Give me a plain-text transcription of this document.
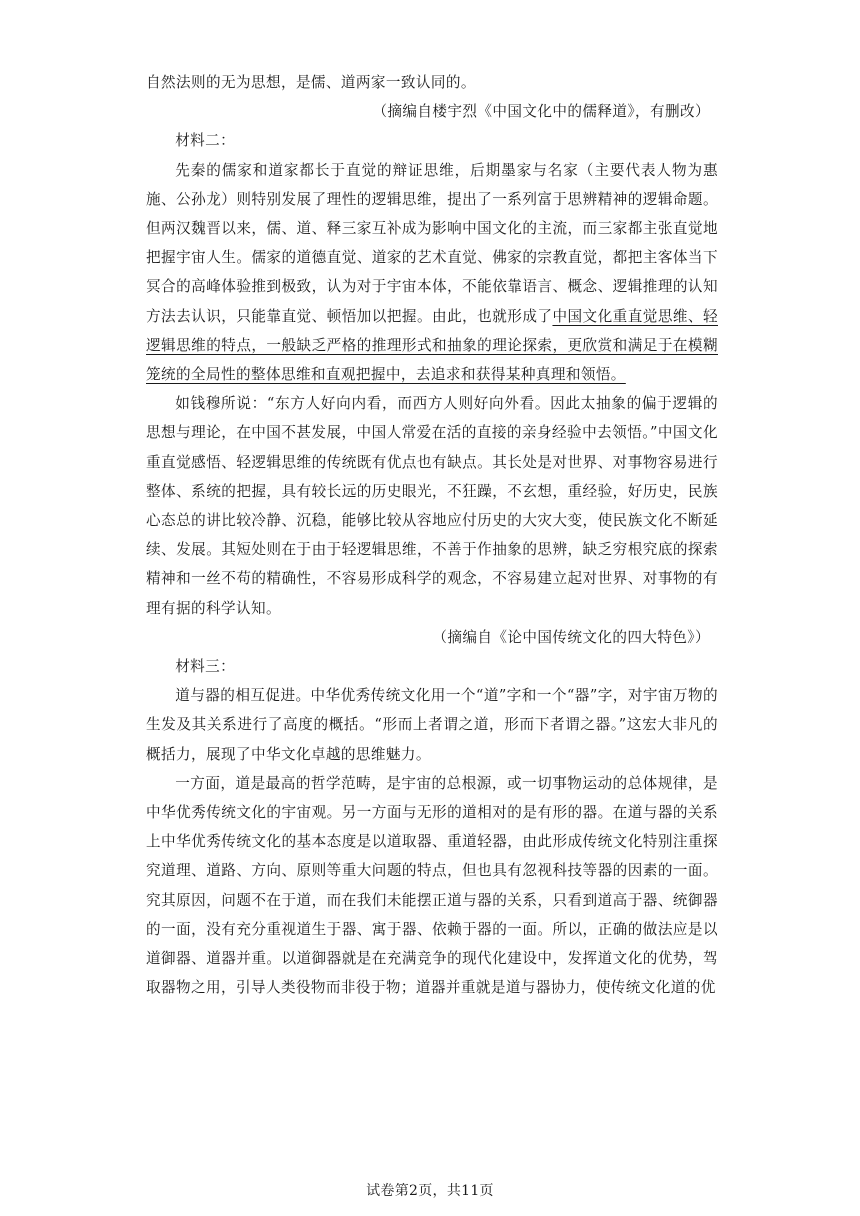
自然法则的无为思想，是儒、道两家一致认同的。

（摘编自楼宇烈《中国文化中的儒释道》，有删改）

材料二：

先秦的儒家和道家都长于直觉的辩证思维，后期墨家与名家（主要代表人物为惠施、公孙龙）则特别发展了理性的逻辑思维，提出了一系列富于思辨精神的逻辑命题。但两汉魏晋以来，儒、道、释三家互补成为影响中国文化的主流，而三家都主张直觉地把握宇宙人生。儒家的道德直觉、道家的艺术直觉、佛家的宗教直觉，都把主客体当下冥合的高峰体验推到极致，认为对于宇宙本体，不能依靠语言、概念、逻辑推理的认知方法去认识，只能靠直觉、顿悟加以把握。由此，也就形成了中国文化重直觉思维、轻逻辑思维的特点，一般缺乏严格的推理形式和抽象的理论探索，更欣赏和满足于在模糊笼统的全局性的整体思维和直观把握中，去追求和获得某种真理和领悟。

如钱穆所说：“东方人好向内看，而西方人则好向外看。因此太抽象的偏于逻辑的思想与理论，在中国不甚发展，中国人常爱在活的直接的亲身经验中去领悟。”中国文化重直觉感悟、轻逻辑思维的传统既有优点也有缺点。其长处是对世界、对事物容易进行整体、系统的把握，具有较长远的历史眼光，不狂躁，不玄想，重经验，好历史，民族心态总的讲比较冷静、沉稳，能够比较从容地应付历史的大灾大变，使民族文化不断延续、发展。其短处则在于由于轻逻辑思维，不善于作抽象的思辨，缺乏穷根究底的探索精神和一丝不苟的精确性，不容易形成科学的观念，不容易建立起对世界、对事物的有理有据的科学认知。

（摘编自《论中国传统文化的四大特色》）

材料三：

道与器的相互促进。中华优秀传统文化用一个“道”字和一个“器”字，对宇宙万物的生发及其关系进行了高度的概括。“形而上者谓之道，形而下者谓之器。”这宏大非凡的概括力，展现了中华文化卓越的思维魅力。

一方面，道是最高的哲学范畴，是宇宙的总根源，或一切事物运动的总体规律，是中华优秀传统文化的宇宙观。另一方面与无形的道相对的是有形的器。在道与器的关系上中华优秀传统文化的基本态度是以道取器、重道轻器，由此形成传统文化特别注重探究道理、道路、方向、原则等重大问题的特点，但也具有忽视科技等器的因素的一面。究其原因，问题不在于道，而在我们未能摆正道与器的关系，只看到道高于器、统御器的一面，没有充分重视道生于器、寓于器、依赖于器的一面。所以，正确的做法应是以道御器、道器并重。以道御器就是在充满竞争的现代化建设中，发挥道文化的优势，驾取器物之用，引导人类役物而非役于物；道器并重就是道与器协力，使传统文化道的优

试卷第2页，共11页
